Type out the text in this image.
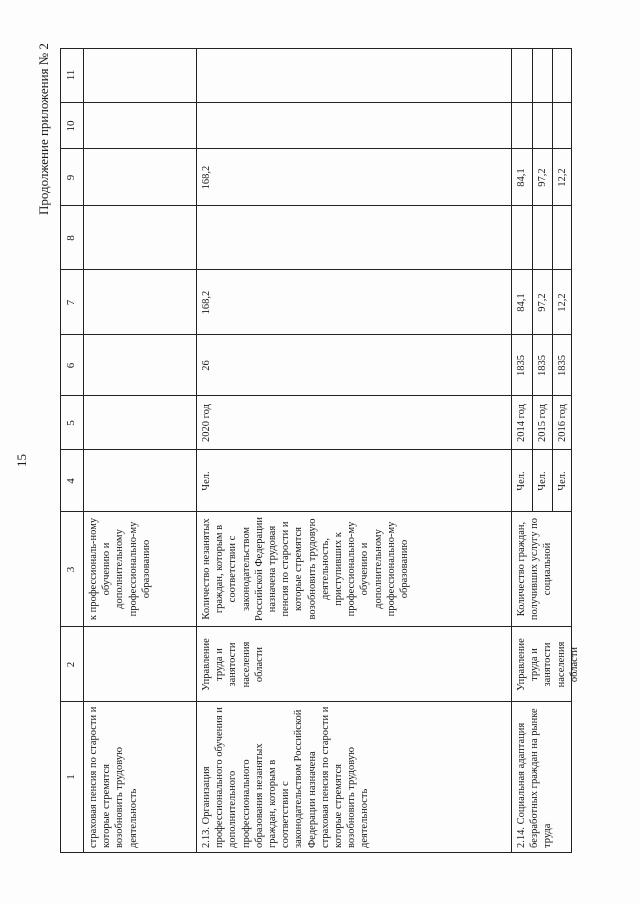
15
Продолжение приложения № 2
1
2
3
4
5
6
7
8
9
10
11
страховая пенсия по старости и которые стремятся возобновить трудовую деятельность
к профессиональ-ному обучению и дополнительному профессионально-му образованию
2.13. Организация профессионального обучения и дополнительного профессионального образования незанятых граждан, которым в соответствии с законодательством Российской Федерации назначена страховая пенсия по старости и которые стремятся возобновить трудовую деятельность
Управление труда и занятости населения области
Количество незанятых граждан, которым в соответствии с законодательством Российской Федерации назначена трудовая пенсия по старости и которые стремятся возобновить трудовую деятельность, приступивших к профессионально-му обучению и дополнительному профессионально-му образованию
Чел.
2020 год
26
168,2
168,2
2.14. Социальная адаптация безработных граждан на рынке труда
Управление труда и занятости населения области
Количество граждан, получивших услугу по социальной
Чел.
2014 год
1835
84,1
84,1
Чел.
2015 год
1835
97,2
97,2
Чел.
2016 год
1835
12,2
12,2
